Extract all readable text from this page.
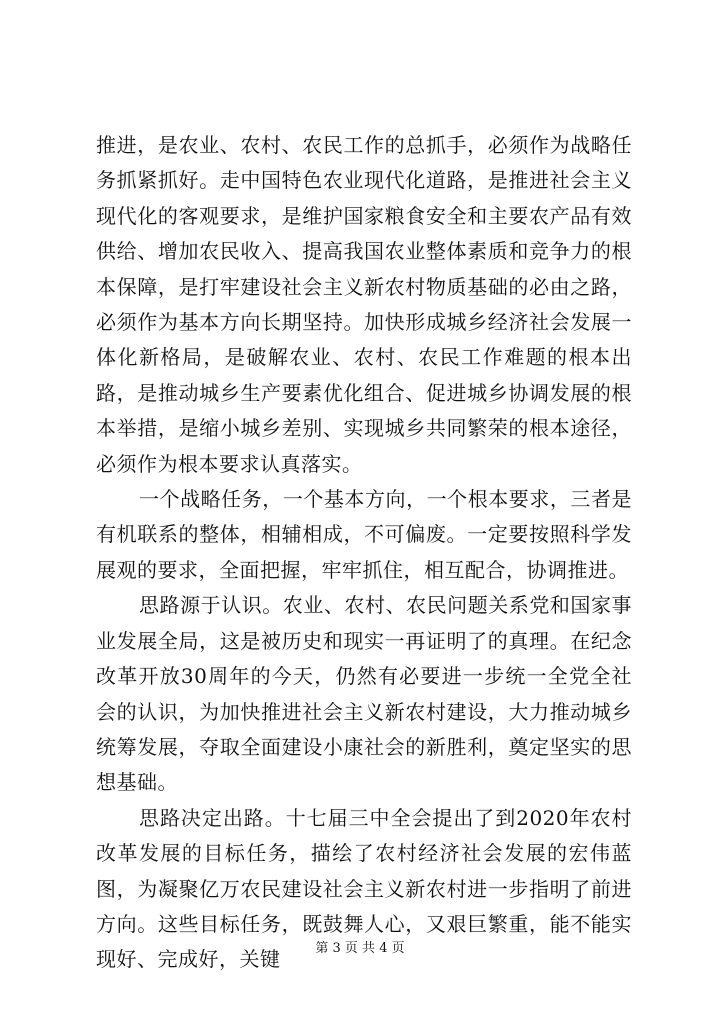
推进，是农业、农村、农民工作的总抓手，必须作为战略任务抓紧抓好。走中国特色农业现代化道路，是推进社会主义现代化的客观要求，是维护国家粮食安全和主要农产品有效供给、增加农民收入、提高我国农业整体素质和竞争力的根本保障，是打牢建设社会主义新农村物质基础的必由之路，必须作为基本方向长期坚持。加快形成城乡经济社会发展一体化新格局，是破解农业、农村、农民工作难题的根本出路，是推动城乡生产要素优化组合、促进城乡协调发展的根本举措，是缩小城乡差别、实现城乡共同繁荣的根本途径，必须作为根本要求认真落实。

一个战略任务，一个基本方向，一个根本要求，三者是有机联系的整体，相辅相成，不可偏废。一定要按照科学发展观的要求，全面把握，牢牢抓住，相互配合，协调推进。

思路源于认识。农业、农村、农民问题关系党和国家事业发展全局，这是被历史和现实一再证明了的真理。在纪念改革开放30周年的今天，仍然有必要进一步统一全党全社会的认识，为加快推进社会主义新农村建设，大力推动城乡统筹发展，夺取全面建设小康社会的新胜利，奠定坚实的思想基础。

思路决定出路。十七届三中全会提出了到2020年农村改革发展的目标任务，描绘了农村经济社会发展的宏伟蓝图，为凝聚亿万农民建设社会主义新农村进一步指明了前进方向。这些目标任务，既鼓舞人心，又艰巨繁重，能不能实现好、完成好，关键	第 3 页 共 4 页
